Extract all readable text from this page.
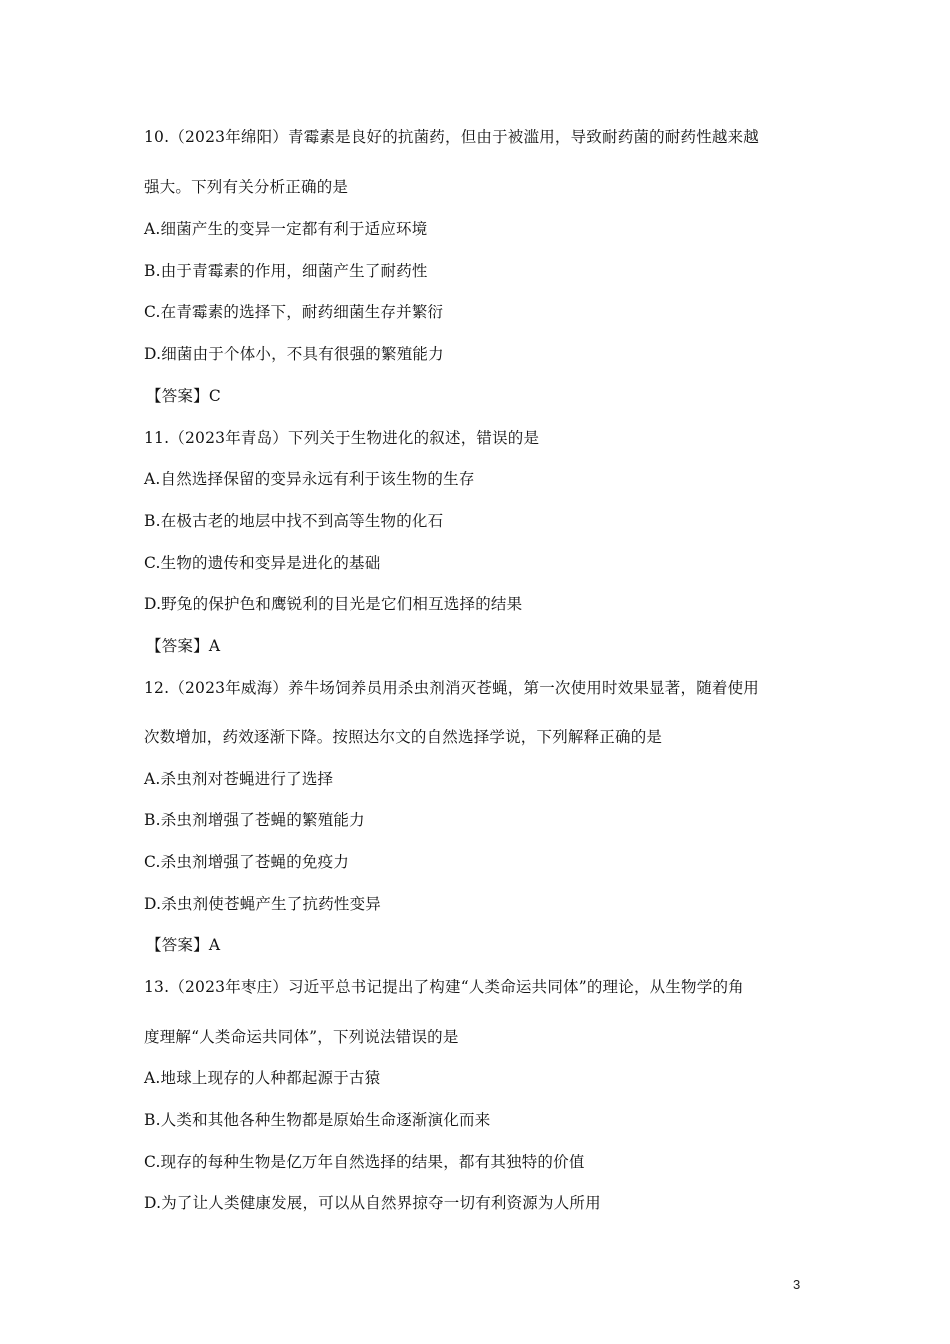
10.（2023年绵阳）青霉素是良好的抗菌药，但由于被滥用，导致耐药菌的耐药性越来越
强大。下列有关分析正确的是
A.细菌产生的变异一定都有利于适应环境
B.由于青霉素的作用，细菌产生了耐药性
C.在青霉素的选择下，耐药细菌生存并繁衍
D.细菌由于个体小，不具有很强的繁殖能力
【答案】C
11.（2023年青岛）下列关于生物进化的叙述，错误的是
A.自然选择保留的变异永远有利于该生物的生存
B.在极古老的地层中找不到高等生物的化石
C.生物的遗传和变异是进化的基础
D.野兔的保护色和鹰锐利的目光是它们相互选择的结果
【答案】A
12.（2023年威海）养牛场饲养员用杀虫剂消灭苍蝇，第一次使用时效果显著，随着使用
次数增加，药效逐渐下降。按照达尔文的自然选择学说，下列解释正确的是
A.杀虫剂对苍蝇进行了选择
B.杀虫剂增强了苍蝇的繁殖能力
C.杀虫剂增强了苍蝇的免疫力
D.杀虫剂使苍蝇产生了抗药性变异
【答案】A
13.（2023年枣庄）习近平总书记提出了构建“人类命运共同体”的理论，从生物学的角
度理解“人类命运共同体”，下列说法错误的是
A.地球上现存的人种都起源于古猿
B.人类和其他各种生物都是原始生命逐渐演化而来
C.现存的每种生物是亿万年自然选择的结果，都有其独特的价值
D.为了让人类健康发展，可以从自然界掠夺一切有利资源为人所用
3
